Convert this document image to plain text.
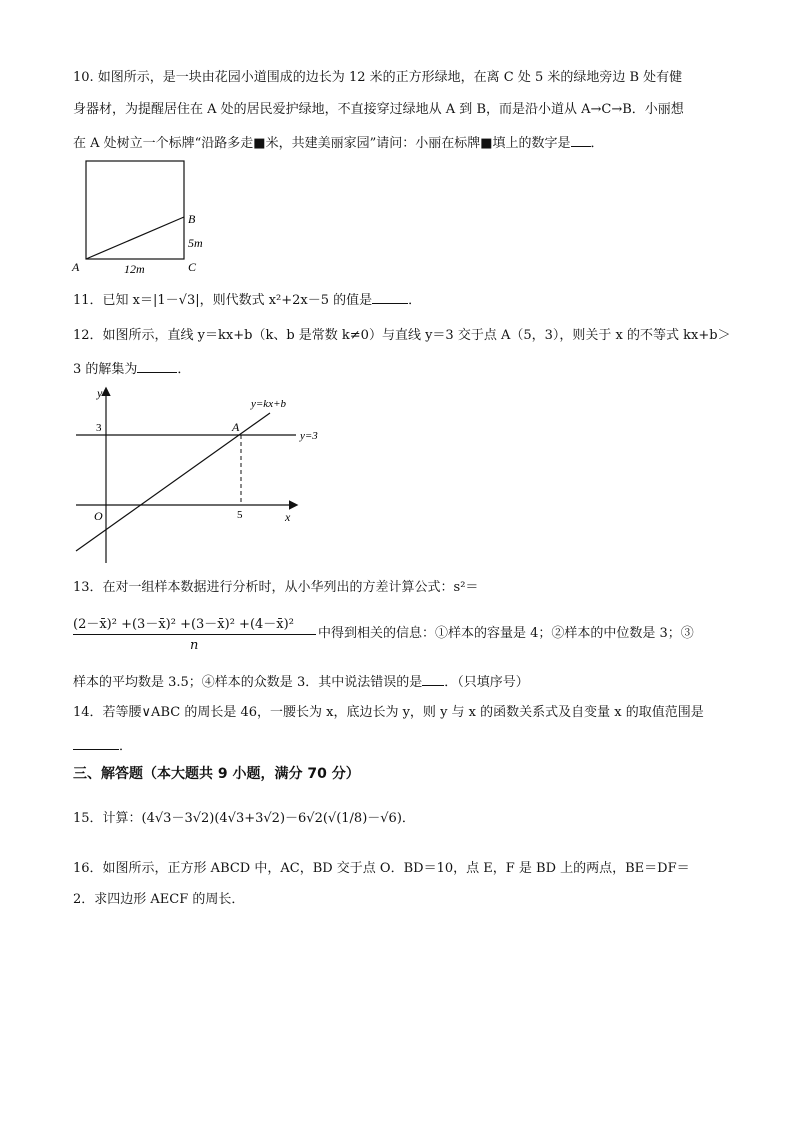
10. 如图所示，是一块由花园小道围成的边长为 12 米的正方形绿地，在离 C 处 5 米的绿地旁边 B 处有健
身器材，为提醒居住在 A 处的居民爱护绿地，不直接穿过绿地从 A 到 B，而是沿小道从 A→C→B．小丽想
在 A 处树立一个标牌“沿路多走■米，共建美丽家园”请问：小丽在标牌■填上的数字是 ．
A
B
C
5m
12m
11．已知 x＝|1－√3|，则代数式 x²+2x－5 的值是	．
12．如图所示，直线 y＝kx+b（k、b 是常数 k≠0）与直线 y＝3 交于点 A（5，3），则关于 x 的不等式 kx+b＞
3 的解集为	．
y
x
O
3
5
A
y=kx+b
y=3
13．在对一组样本数据进行分析时，从小华列出的方差计算公式：s²＝
(2－x̄)² +(3－x̄)² +(3－x̄)² +(4－x̄)²
n
中得到相关的信息：①样本的容量是 4；②样本的中位数是 3；③
样本的平均数是 3.5；④样本的众数是 3．其中说法错误的是 ．（只填序号）
14．若等腰∨ABC 的周长是 46，一腰长为 x，底边长为 y，则 y 与 x 的函数关系式及自变量 x 的取值范围是
．
三、解答题（本大题共 9 小题，满分 70 分）
15．计算：(4√3－3√2)(4√3+3√2)－6√2(√(1/8)－√6)．
16．如图所示，正方形 ABCD 中，AC，BD 交于点 O．BD＝10，点 E，F 是 BD 上的两点，BE＝DF＝
2．求四边形 AECF 的周长．
